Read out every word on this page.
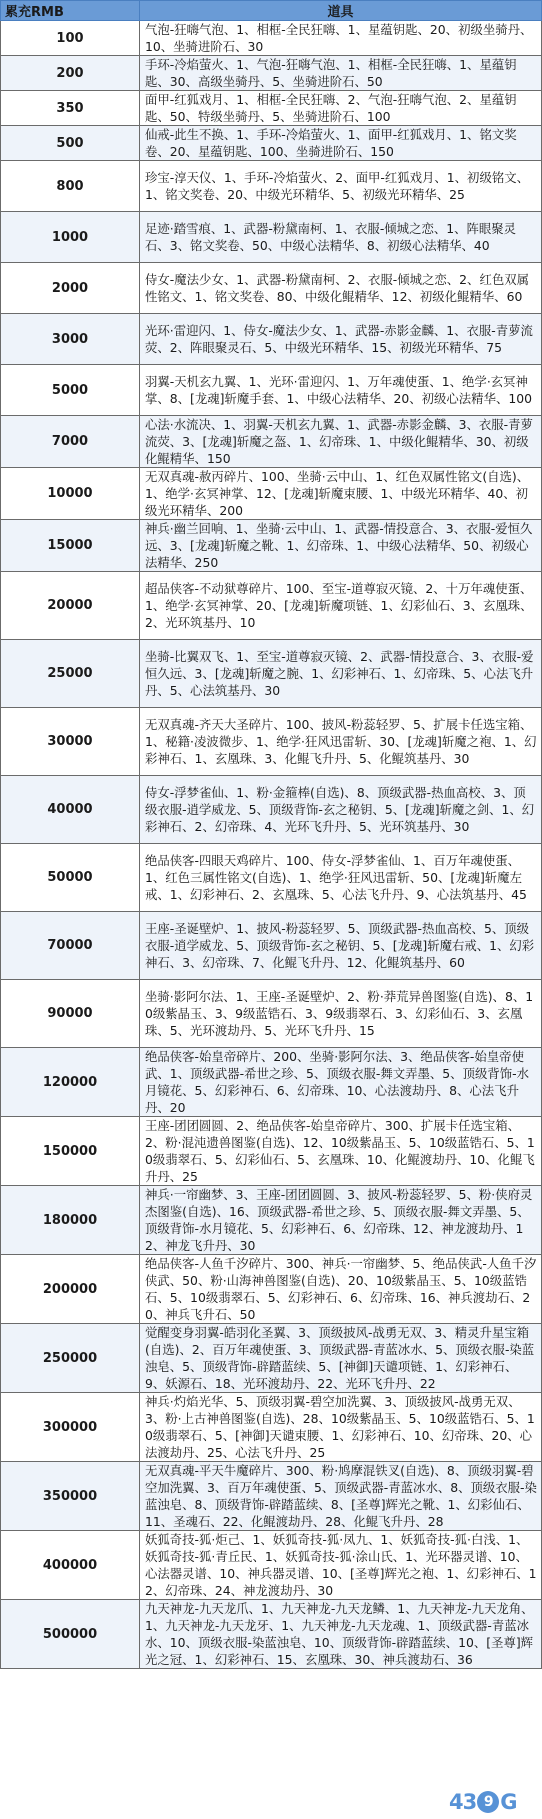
累充RMB	道具
100	气泡-狂嗨气泡、1、相框-全民狂嗨、1、星蕴钥匙、20、初级坐骑丹、10、坐骑进阶石、30
200	手环-冷焰萤火、1、气泡-狂嗨气泡、1、相框-全民狂嗨、1、星蕴钥匙、30、高级坐骑丹、5、坐骑进阶石、50
350	面甲-红狐戏月、1、相框-全民狂嗨、2、气泡-狂嗨气泡、2、星蕴钥匙、50、特级坐骑丹、5、坐骑进阶石、100
500	仙戒-此生不换、1、手环-冷焰萤火、1、面甲-红狐戏月、1、铭文奖卷、20、星蕴钥匙、100、坐骑进阶石、150
800	珍宝-淳天仪、1、手环-冷焰萤火、2、面甲-红狐戏月、1、初级铭文、1、铭文奖卷、20、中级光环精华、5、初级光环精华、25
1000	足迹·踏雪痕、1、武器-粉黛南柯、1、衣服-倾城之恋、1、阵眼聚灵石、3、铭文奖卷、50、中级心法精华、8、初级心法精华、40
2000	侍女-魔法少女、1、武器-粉黛南柯、2、衣服-倾城之恋、2、红色双属性铭文、1、铭文奖卷、80、中级化鲲精华、12、初级化鲲精华、60
3000	光环·雷迎闪、1、侍女-魔法少女、1、武器-赤影金麟、1、衣服-青萝流荧、2、阵眼聚灵石、5、中级光环精华、15、初级光环精华、75
5000	羽翼-天机玄九翼、1、光环·雷迎闪、1、万年魂使蛋、1、绝学·玄冥神掌、8、[龙魂]斩魔手套、1、中级心法精华、20、初级心法精华、100
7000	心法·水流决、1、羽翼-天机玄九翼、1、武器-赤影金麟、3、衣服-青萝流荧、3、[龙魂]斩魔之盔、1、幻帝珠、1、中级化鲲精华、30、初级化鲲精华、150
10000	无双真魂-赦丙碎片、100、坐骑·云中山、1、红色双属性铭文(自选)、1、绝学·玄冥神掌、12、[龙魂]斩魔束腰、1、中级光环精华、40、初级光环精华、200
15000	神兵·幽兰回响、1、坐骑·云中山、1、武器-情投意合、3、衣服-爱恒久远、3、[龙魂]斩魔之靴、1、幻帝珠、1、中级心法精华、50、初级心法精华、250
20000	超品侠客-不动狱尊碎片、100、至宝-道尊寂灭镜、2、十万年魂使蛋、1、绝学·玄冥神掌、20、[龙魂]斩魔项链、1、幻彩仙石、3、玄凰珠、2、光环筑基丹、10
25000	坐骑-比翼双飞、1、至宝-道尊寂灭镜、2、武器-情投意合、3、衣服-爱恒久远、3、[龙魂]斩魔之腕、1、幻彩神石、1、幻帝珠、5、心法飞升丹、5、心法筑基丹、30
30000	无双真魂-齐天大圣碎片、100、披风-粉蕊轻罗、5、扩展卡任选宝箱、1、秘籍·凌波微步、1、绝学·狂风迅雷斩、30、[龙魂]斩魔之袍、1、幻彩神石、1、玄凰珠、3、化鲲飞升丹、5、化鲲筑基丹、30
40000	侍女-浮梦雀仙、1、粉·金箍棒(自选)、8、顶级武器-热血高校、3、顶级衣服-逍学威龙、5、顶级背饰-玄之秘钥、5、[龙魂]斩魔之剑、1、幻彩神石、2、幻帝珠、4、光环飞升丹、5、光环筑基丹、30
50000	绝品侠客-四眼天鸡碎片、100、侍女-浮梦雀仙、1、百万年魂使蛋、1、红色三属性铭文(自选)、1、绝学·狂风迅雷斩、50、[龙魂]斩魔左戒、1、幻彩神石、2、玄凰珠、5、心法飞升丹、9、心法筑基丹、45
70000	王座-圣诞壁炉、1、披风-粉蕊轻罗、5、顶级武器-热血高校、5、顶级衣服-逍学威龙、5、顶级背饰-玄之秘钥、5、[龙魂]斩魔右戒、1、幻彩神石、3、幻帝珠、7、化鲲飞升丹、12、化鲲筑基丹、60
90000	坐骑·影阿尔法、1、王座-圣诞壁炉、2、粉·莽荒异兽图鉴(自选)、8、10级紫晶玉、3、9级蓝锆石、3、9级翡翠石、3、幻彩仙石、3、玄凰珠、5、光环渡劫丹、5、光环飞升丹、15
120000	绝品侠客-始皇帝碎片、200、坐骑·影阿尔法、3、绝品侠客-始皇帝使武、1、顶级武器-希世之珍、5、顶级衣服-舞文弄墨、5、顶级背饰-水月镜花、5、幻彩神石、6、幻帝珠、10、心法渡劫丹、8、心法飞升丹、20
150000	王座-团团圆圆、2、绝品侠客-始皇帝碎片、300、扩展卡任选宝箱、2、粉·混沌遗兽图鉴(自选)、12、10级紫晶玉、5、10级蓝锆石、5、10级翡翠石、5、幻彩仙石、5、玄凰珠、10、化鲲渡劫丹、10、化鲲飞升丹、25
180000	神兵·一帘幽梦、3、王座-团团圆圆、3、披风-粉蕊轻罗、5、粉·侠府灵杰图鉴(自选)、16、顶级武器-希世之珍、5、顶级衣服-舞文弄墨、5、顶级背饰-水月镜花、5、幻彩神石、6、幻帝珠、12、神龙渡劫丹、12、神龙飞升丹、30
200000	绝品侠客-人鱼千汐碎片、300、神兵·一帘幽梦、5、绝品侠武-人鱼千汐侠武、50、粉·山海神兽图鉴(自选)、20、10级紫晶玉、5、10级蓝锆石、5、10级翡翠石、5、幻彩神石、6、幻帝珠、16、神兵渡劫石、20、神兵飞升石、50
250000	觉醒变身羽翼-皓羽化圣翼、3、顶级披风-战勇无双、3、精灵升星宝箱(自选)、2、百万年魂使蛋、3、顶级武器-青蓝冰水、5、顶级衣服-染蓝浊皂、5、顶级背饰-辟踏蓝续、5、[神御]天谴项链、1、幻彩神石、9、妖源石、18、光环渡劫丹、22、光环飞升丹、22
300000	神兵·灼焰光华、5、顶级羽翼-碧空加洗翼、3、顶级披风-战勇无双、3、粉·上古神兽图鉴(自选)、28、10级紫晶玉、5、10级蓝锆石、5、10级翡翠石、5、[神御]天谴束腰、1、幻彩神石、10、幻帝珠、20、心法渡劫丹、25、心法飞升丹、25
350000	无双真魂-平天牛魔碎片、300、粉·鸠摩混铁叉(自选)、8、顶级羽翼-碧空加洗翼、3、百万年魂使蛋、5、顶级武器-青蓝冰水、8、顶级衣服-染蓝浊皂、8、顶级背饰-辟踏蓝续、8、[圣尊]辉光之靴、1、幻彩仙石、11、圣魂石、22、化鲲渡劫丹、28、化鲲飞升丹、28
400000	妖狐奇技-狐·炬己、1、妖狐奇技-狐·凤九、1、妖狐奇技-狐·白浅、1、妖狐奇技-狐·青丘民、1、妖狐奇技-狐·涂山氏、1、光环器灵谱、10、心法器灵谱、10、神兵器灵谱、10、[圣尊]辉光之袍、1、幻彩神石、12、幻帝珠、24、神龙渡劫丹、30
500000	九天神龙-九天龙爪、1、九天神龙-九天龙鳞、1、九天神龙-九天龙角、1、九天神龙-九天龙牙、1、九天神龙-九天龙魂、1、顶级武器-青蓝冰水、10、顶级衣服-染蓝浊皂、10、顶级背饰-辟踏蓝续、10、[圣尊]辉光之冠、1、幻彩神石、15、玄凰珠、30、神兵渡劫石、36
43 9 G
